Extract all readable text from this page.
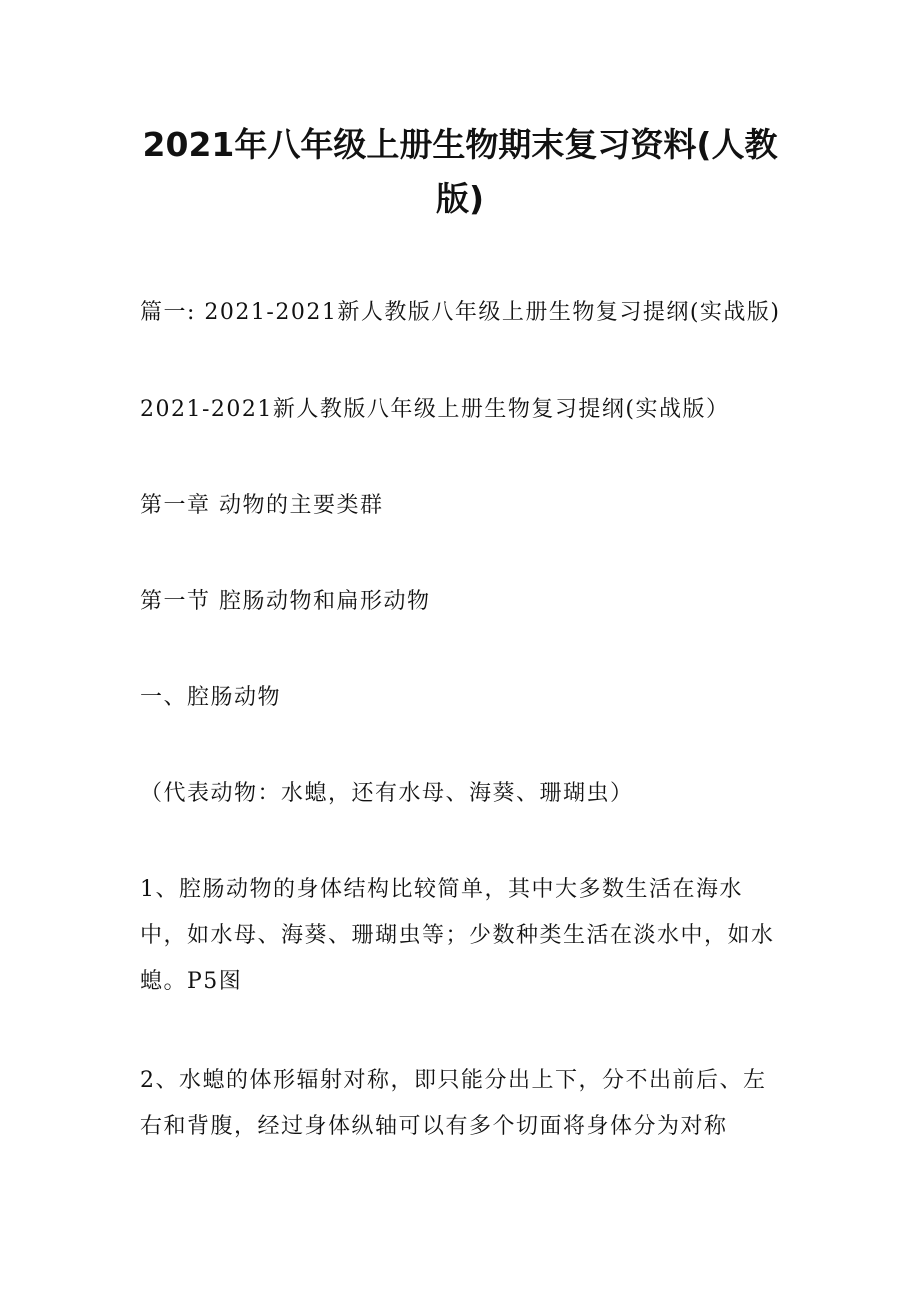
2021年八年级上册生物期末复习资料(人教版)
篇一: 2021-2021新人教版八年级上册生物复习提纲(实战版)
2021-2021新人教版八年级上册生物复习提纲(实战版）
第一章 动物的主要类群
第一节 腔肠动物和扁形动物
一、腔肠动物
（代表动物：水螅，还有水母、海葵、珊瑚虫）
1、腔肠动物的身体结构比较简单，其中大多数生活在海水中，如水母、海葵、珊瑚虫等；少数种类生活在淡水中，如水螅。P5图
2、水螅的体形辐射对称，即只能分出上下，分不出前后、左右和背腹，经过身体纵轴可以有多个切面将身体分为对称
